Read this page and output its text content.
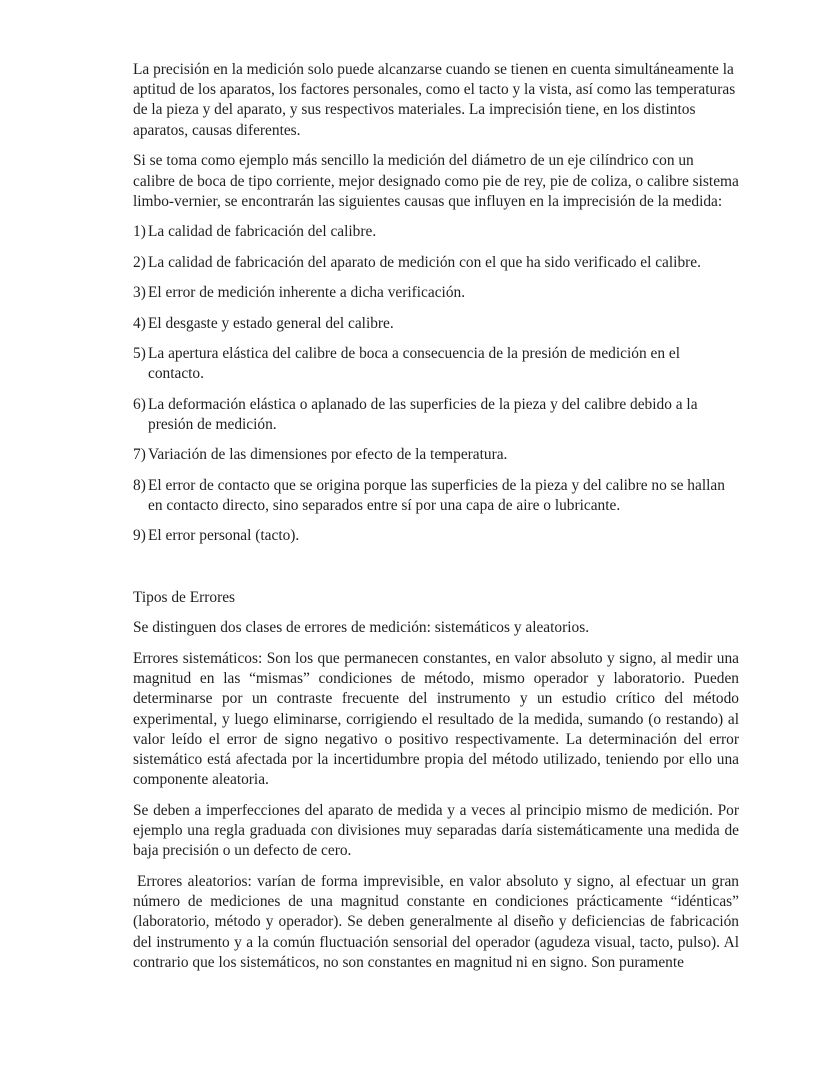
La precisión en la medición solo puede alcanzarse cuando se tienen en cuenta simultáneamente la aptitud de los aparatos, los factores personales, como el tacto y la vista, así como las temperaturas de la pieza y del aparato, y sus respectivos materiales. La imprecisión tiene, en los distintos aparatos, causas diferentes.

Si se toma como ejemplo más sencillo la medición del diámetro de un eje cilíndrico con un calibre de boca de tipo corriente, mejor designado como pie de rey, pie de coliza, o calibre sistema limbo-vernier, se encontrarán las siguientes causas que influyen en la imprecisión de la medida:

1) La calidad de fabricación del calibre.
2) La calidad de fabricación del aparato de medición con el que ha sido verificado el calibre.
3) El error de medición inherente a dicha verificación.
4) El desgaste y estado general del calibre.
5) La apertura elástica del calibre de boca a consecuencia de la presión de medición en el contacto.
6) La deformación elástica o aplanado de las superficies de la pieza y del calibre debido a la presión de medición.
7) Variación de las dimensiones por efecto de la temperatura.
8) El error de contacto que se origina porque las superficies de la pieza y del calibre no se hallan en contacto directo, sino separados entre sí por una capa de aire o lubricante.
9) El error personal (tacto).
Tipos de Errores

Se distinguen dos clases de errores de medición: sistemáticos y aleatorios.

Errores sistemáticos: Son los que permanecen constantes, en valor absoluto y signo, al medir una magnitud en las “mismas” condiciones de método, mismo operador y laboratorio. Pueden determinarse por un contraste frecuente del instrumento y un estudio crítico del método experimental, y luego eliminarse, corrigiendo el resultado de la medida, sumando (o restando) al valor leído el error de signo negativo o positivo respectivamente. La determinación del error sistemático está afectada por la incertidumbre propia del método utilizado, teniendo por ello una componente aleatoria.

Se deben a imperfecciones del aparato de medida y a veces al principio mismo de medición. Por ejemplo una regla graduada con divisiones muy separadas daría sistemáticamente una medida de baja precisión o un defecto de cero.

Errores aleatorios: varían de forma imprevisible, en valor absoluto y signo, al efectuar un gran número de mediciones de una magnitud constante en condiciones prácticamente “idénticas” (laboratorio, método y operador). Se deben generalmente al diseño y deficiencias de fabricación del instrumento y a la común fluctuación sensorial del operador (agudeza visual, tacto, pulso). Al contrario que los sistemáticos, no son constantes en magnitud ni en signo. Son puramente
